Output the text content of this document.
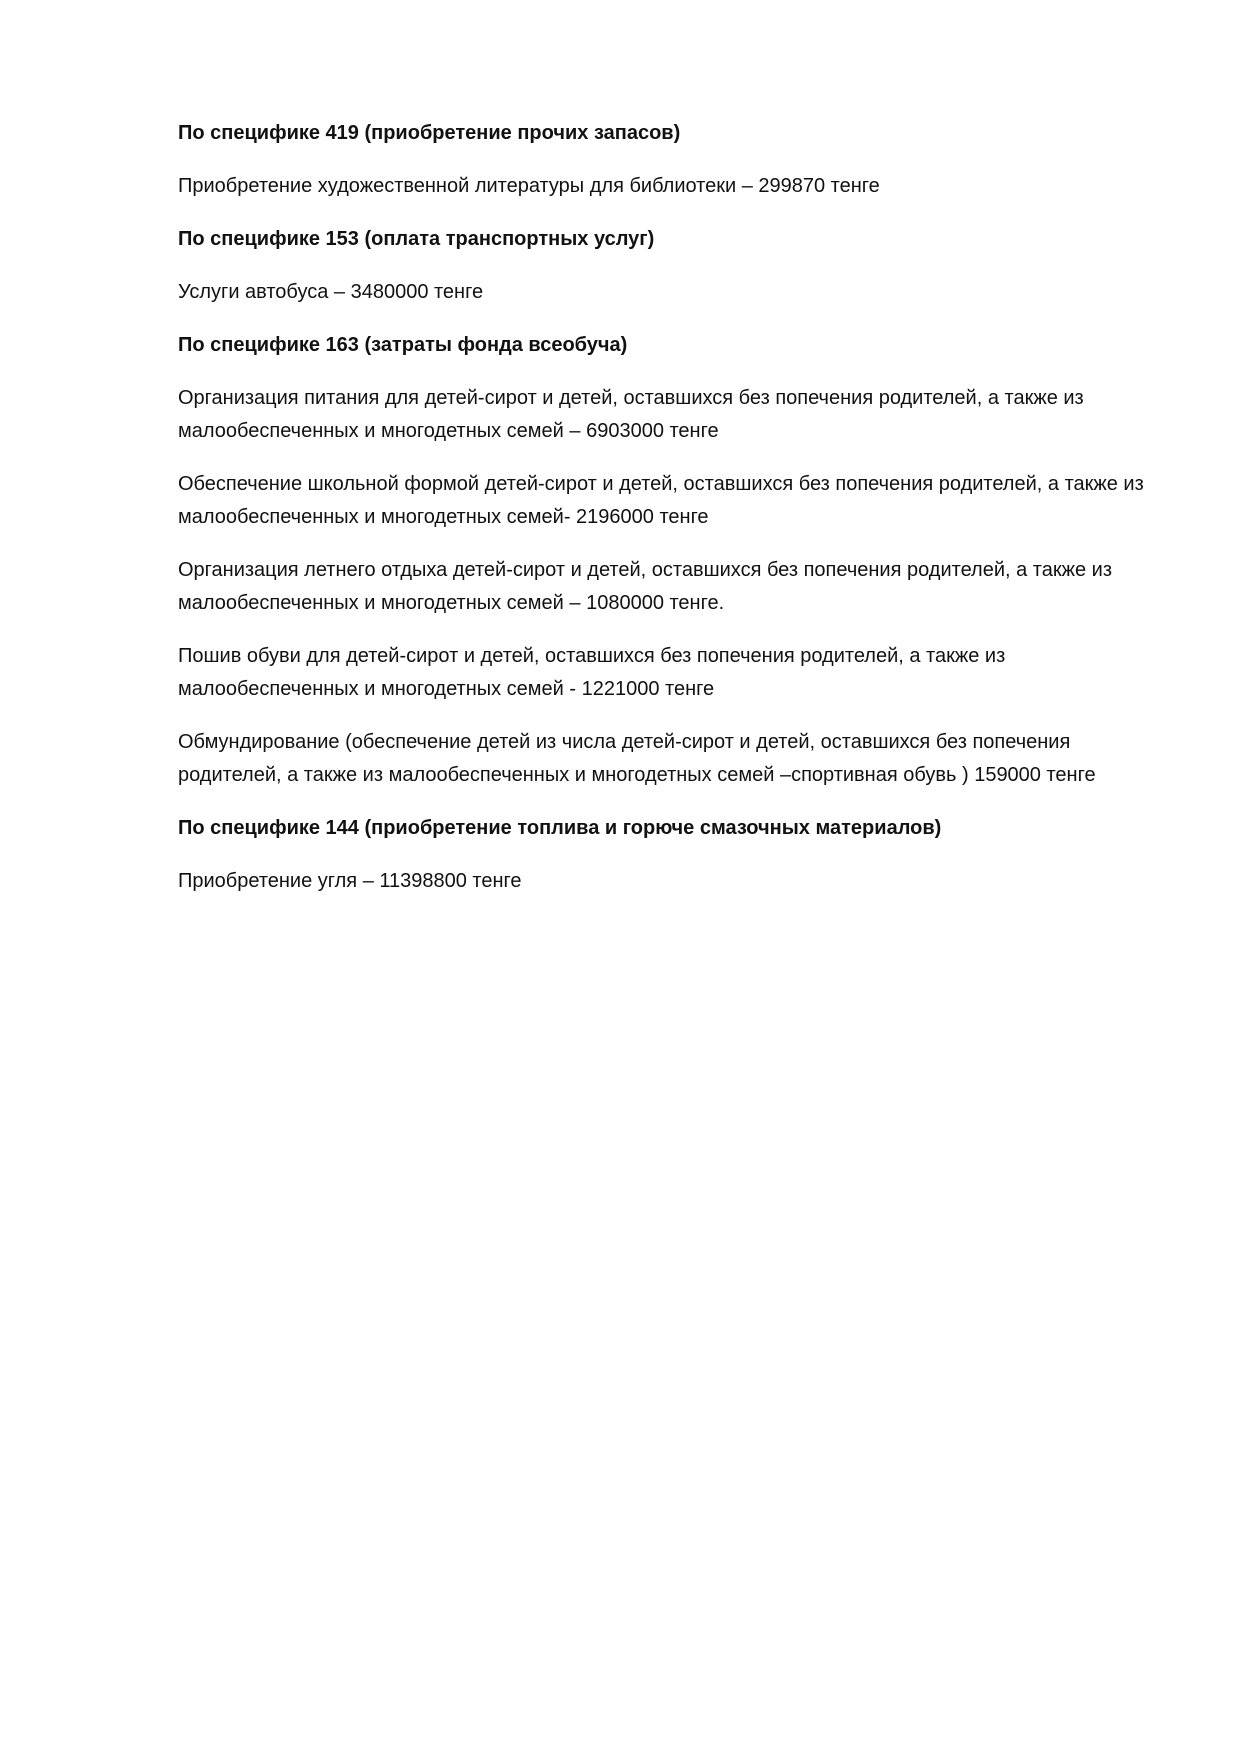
По специфике 419 (приобретение прочих запасов)

Приобретение художественной литературы для библиотеки – 299870 тенге

По специфике 153 (оплата транспортных услуг)

Услуги автобуса – 3480000 тенге

По специфике 163 (затраты фонда всеобуча)

Организация питания для детей-сирот и детей, оставшихся без попечения родителей, а также из малообеспеченных и многодетных семей – 6903000 тенге

Обеспечение школьной формой детей-сирот и детей, оставшихся без попечения родителей, а также из малообеспеченных и многодетных семей- 2196000 тенге

Организация летнего отдыха детей-сирот и детей, оставшихся без попечения родителей, а также из малообеспеченных и многодетных семей – 1080000 тенге.

Пошив обуви для детей-сирот и детей, оставшихся без попечения родителей, а также из малообеспеченных и многодетных семей - 1221000 тенге

Обмундирование (обеспечение детей из числа детей-сирот и детей, оставшихся без попечения родителей, а также из малообеспеченных и многодетных семей –спортивная обувь ) 159000 тенге

По специфике 144 (приобретение топлива и горюче смазочных материалов)

Приобретение угля – 11398800 тенге
